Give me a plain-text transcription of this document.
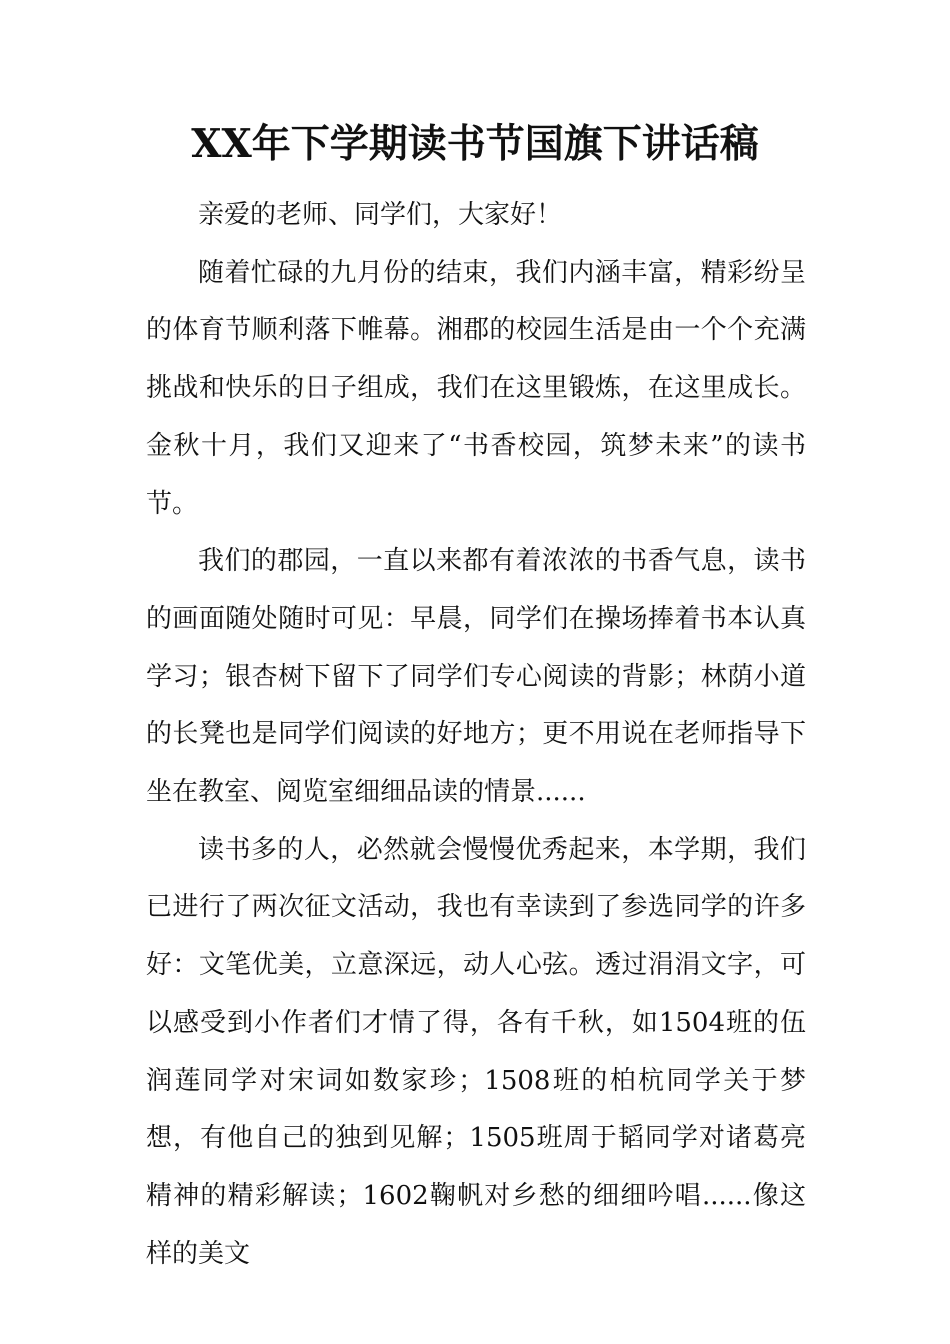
XX年下学期读书节国旗下讲话稿

亲爱的老师、同学们，大家好！

随着忙碌的九月份的结束，我们内涵丰富，精彩纷呈的体育节顺利落下帷幕。湘郡的校园生活是由一个个充满挑战和快乐的日子组成，我们在这里锻炼，在这里成长。金秋十月，我们又迎来了“书香校园，筑梦未来”的读书节。

我们的郡园，一直以来都有着浓浓的书香气息，读书的画面随处随时可见：早晨，同学们在操场捧着书本认真学习；银杏树下留下了同学们专心阅读的背影；林荫小道的长凳也是同学们阅读的好地方；更不用说在老师指导下坐在教室、阅览室细细品读的情景......

读书多的人，必然就会慢慢优秀起来，本学期，我们已进行了两次征文活动，我也有幸读到了参选同学的许多好：文笔优美，立意深远，动人心弦。透过涓涓文字，可以感受到小作者们才情了得，各有千秋，如1504班的伍润莲同学对宋词如数家珍；1508班的柏杭同学关于梦想，有他自己的独到见解；1505班周于韬同学对诸葛亮精神的精彩解读；1602鞠帆对乡愁的细细吟唱......像这样的美文
